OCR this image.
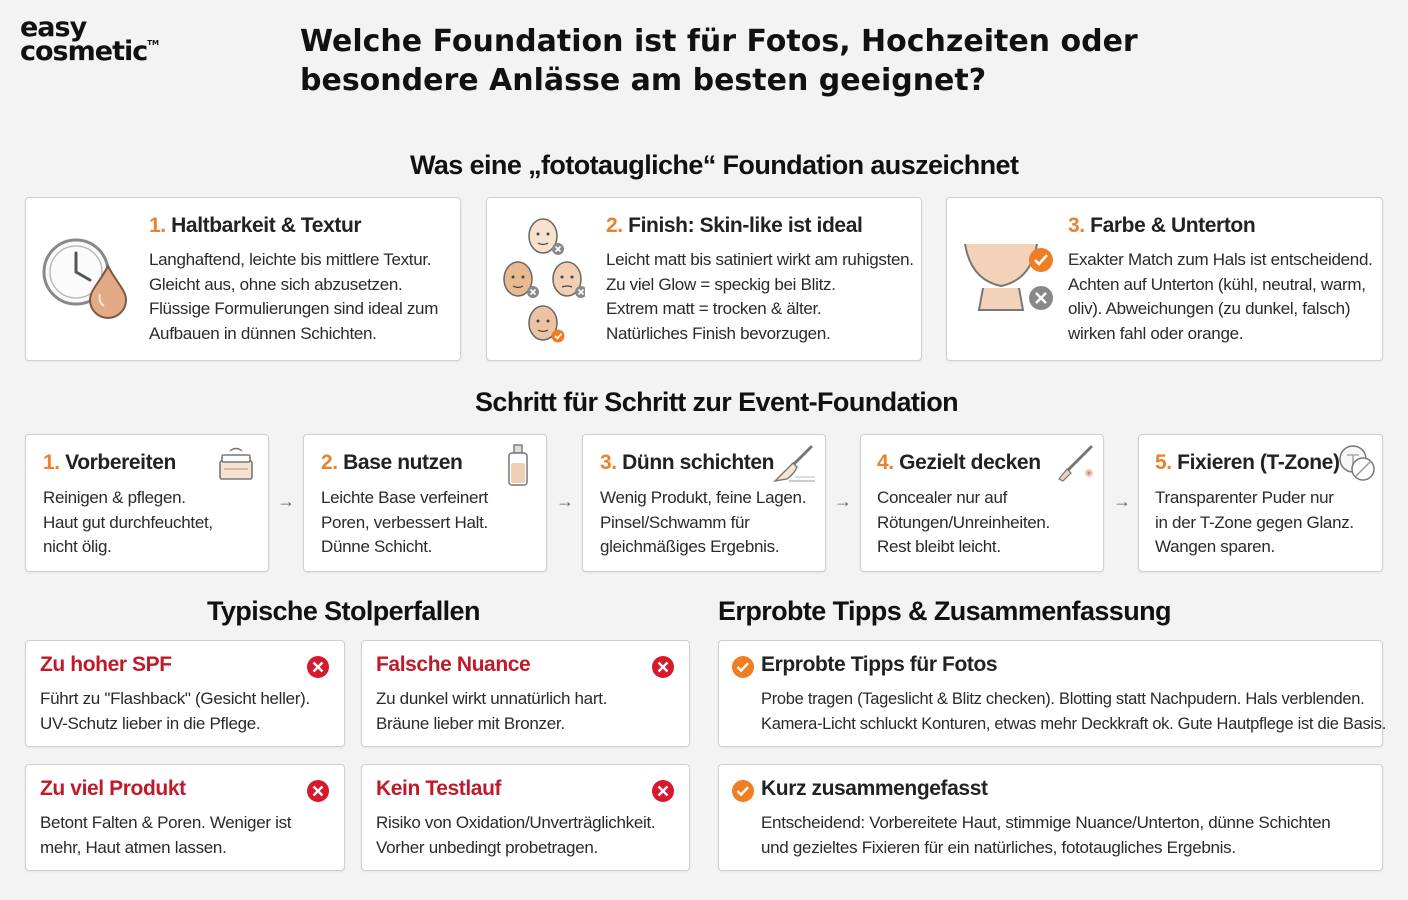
easy
cosmetic™	Welche Foundation ist für Fotos, Hochzeiten oder besondere Anlässe am besten geeignet?
Was eine „fototaugliche“ Foundation auszeichnet
1. Haltbarkeit & Textur
Langhaftend, leichte bis mittlere Textur.
Gleicht aus, ohne sich abzusetzen.
Flüssige Formulierungen sind ideal zum
Aufbauen in dünnen Schichten.
2. Finish: Skin-like ist ideal
Leicht matt bis satiniert wirkt am ruhigsten.
Zu viel Glow = speckig bei Blitz.
Extrem matt = trocken & älter.
Natürliches Finish bevorzugen.
3. Farbe & Unterton
Exakter Match zum Hals ist entscheidend.
Achten auf Unterton (kühl, neutral, warm,
oliv). Abweichungen (zu dunkel, falsch)
wirken fahl oder orange.
Schritt für Schritt zur Event-Foundation
1. Vorbereiten
Reinigen & pflegen.
Haut gut durchfeuchtet,
nicht ölig.
→
2. Base nutzen
Leichte Base verfeinert
Poren, verbessert Halt.
Dünne Schicht.
→
3. Dünn schichten
Wenig Produkt, feine Lagen.
Pinsel/Schwamm für
gleichmäßiges Ergebnis.
→
4. Gezielt decken
Concealer nur auf
Rötungen/Unreinheiten.
Rest bleibt leicht.
→
5. Fixieren (T-Zone)
Transparenter Puder nur
in der T-Zone gegen Glanz.
Wangen sparen.
Typische Stolperfallen
Zu hoher SPF
Führt zu "Flashback" (Gesicht heller).
UV-Schutz lieber in die Pflege.
Falsche Nuance
Zu dunkel wirkt unnatürlich hart.
Bräune lieber mit Bronzer.
Zu viel Produkt
Betont Falten & Poren. Weniger ist
mehr, Haut atmen lassen.
Kein Testlauf
Risiko von Oxidation/Unverträglichkeit.
Vorher unbedingt probetragen.
Erprobte Tipps & Zusammenfassung
Erprobte Tipps für Fotos
Probe tragen (Tageslicht & Blitz checken). Blotting statt Nachpudern. Hals verblenden.
Kamera-Licht schluckt Konturen, etwas mehr Deckkraft ok. Gute Hautpflege ist die Basis.
Kurz zusammengefasst
Entscheidend: Vorbereitete Haut, stimmige Nuance/Unterton, dünne Schichten
und gezieltes Fixieren für ein natürliches, fototaugliches Ergebnis.
